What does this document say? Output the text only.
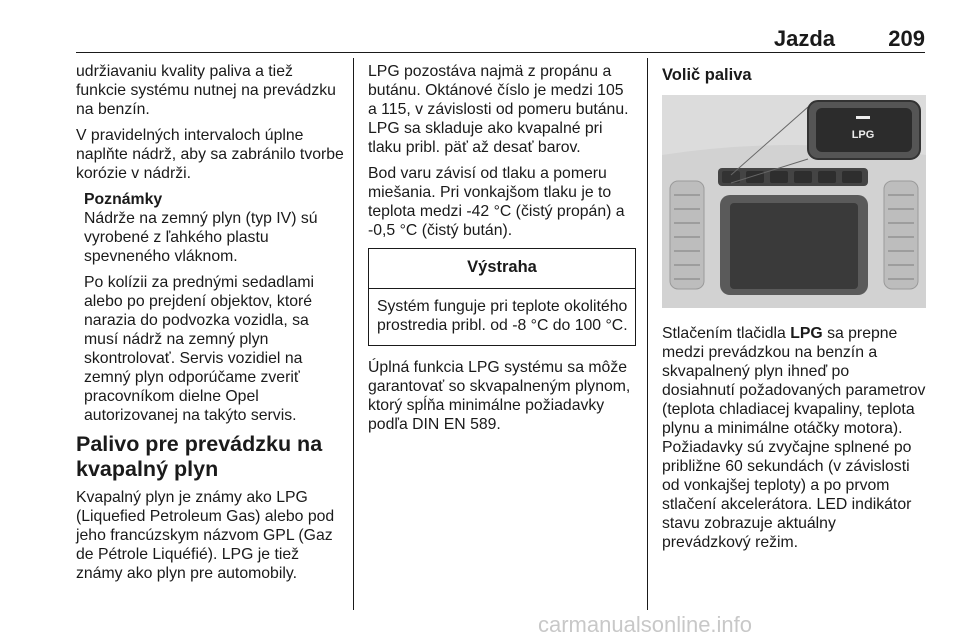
Jazda 209

udržiavaniu kvality paliva a tiež funkcie systému nutnej na prevádzku na benzín.

V pravidelných intervaloch úplne naplňte nádrž, aby sa zabránilo tvorbe korózie v nádrži.

Poznámky

Nádrže na zemný plyn (typ IV) sú vyrobené z ľahkého plastu spevneného vláknom.

Po kolízii za prednými sedadlami alebo po prejdení objektov, ktoré narazia do podvozka vozidla, sa musí nádrž na zemný plyn skontrolovať. Servis vozidiel na zemný plyn odporúčame zveriť pracovníkom dielne Opel autorizovanej na takýto servis.

Palivo pre prevádzku na kvapalný plyn

Kvapalný plyn je známy ako LPG (Liquefied Petroleum Gas) alebo pod jeho francúzskym názvom GPL (Gaz de Pétrole Liquéfié). LPG je tiež známy ako plyn pre automobily.

LPG pozostáva najmä z propánu a butánu. Oktánové číslo je medzi 105 a 115, v závislosti od pomeru butánu. LPG sa skladuje ako kvapalné pri tlaku pribl. päť až desať barov.

Bod varu závisí od tlaku a pomeru miešania. Pri vonkajšom tlaku je to teplota medzi -42 °C (čistý propán) a -0,5 °C (čistý bután).

Výstraha
Systém funguje pri teplote okolitého prostredia pribl. od -8 °C do 100 °C.

Úplná funkcia LPG systému sa môže garantovať so skvapalneným plynom, ktorý spĺňa minimálne požiadavky podľa DIN EN 589.

Volič paliva
LPG

Stlačením tlačidla LPG sa prepne medzi prevádzkou na benzín a skvapalnený plyn ihneď po dosiahnutí požadovaných parametrov (teplota chladiacej kvapaliny, teplota plynu a minimálne otáčky motora). Požiadavky sú zvyčajne splnené po približne 60 sekundách (v závislosti od vonkajšej teploty) a po prvom stlačení akcelerátora. LED indikátor stavu zobrazuje aktuálny prevádzkový režim.

carmanualsonline.info
